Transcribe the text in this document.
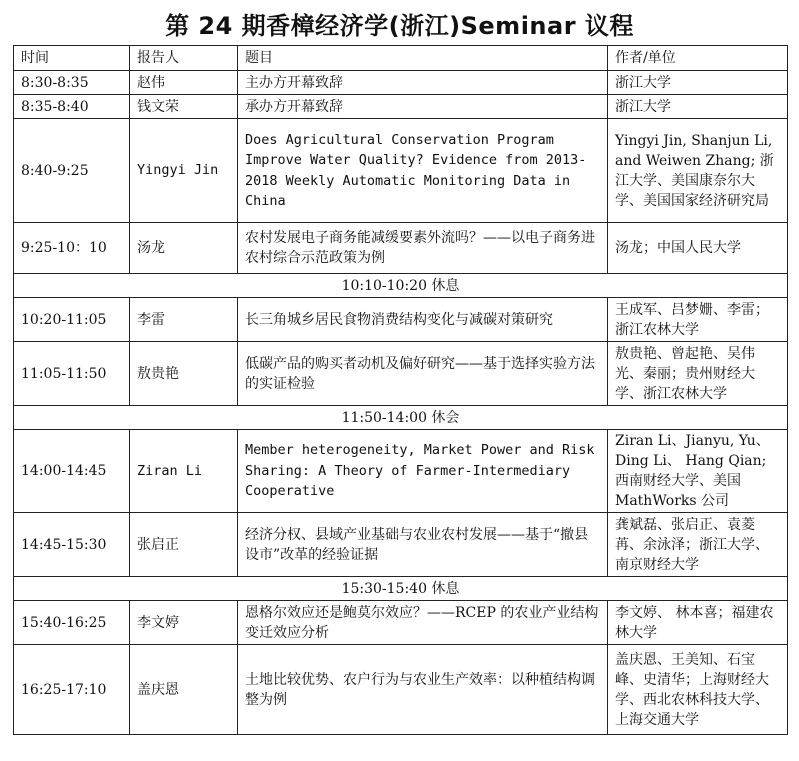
第 24 期香樟经济学(浙江)Seminar 议程
时间	报告人	题目	作者/单位
8:30-8:35	赵伟	主办方开幕致辞	浙江大学
8:35-8:40	钱文荣	承办方开幕致辞	浙江大学
8:40-9:25	Yingyi Jin	Does Agricultural Conservation Program Improve Water Quality? Evidence from 2013-2018 Weekly Automatic Monitoring Data in China	Yingyi Jin, Shanjun Li, and Weiwen Zhang; 浙江大学、美国康奈尔大学、美国国家经济研究局
9:25-10：10	汤龙	农村发展电子商务能减缓要素外流吗？——以电子商务进农村综合示范政策为例	汤龙；中国人民大学
10:10-10:20 休息			
10:20-11:05	李雷	长三角城乡居民食物消费结构变化与减碳对策研究	王成军、吕梦姗、李雷；浙江农林大学
11:05-11:50	敖贵艳	低碳产品的购买者动机及偏好研究——基于选择实验方法的实证检验	敖贵艳、曾起艳、吴伟光、秦丽；贵州财经大学、浙江农林大学
11:50-14:00 休会			
14:00-14:45	Ziran Li	Member heterogeneity, Market Power and Risk Sharing: A Theory of Farmer-Intermediary Cooperative	Ziran Li、Jianyu, Yu、Ding Li、 Hang Qian; 西南财经大学、美国 MathWorks 公司
14:45-15:30	张启正	经济分权、县域产业基础与农业农村发展——基于“撤县设市”改革的经验证据	龚斌磊、张启正、袁菱苒、余泳泽；浙江大学、南京财经大学
15:30-15:40 休息			
15:40-16:25	李文婷	恩格尔效应还是鲍莫尔效应？——RCEP 的农业产业结构变迁效应分析	李文婷、 林本喜；福建农林大学
16:25-17:10	盖庆恩	土地比较优势、农户行为与农业生产效率：以种植结构调整为例	盖庆恩、王美知、石宝峰、史清华；上海财经大学、西北农林科技大学、上海交通大学
